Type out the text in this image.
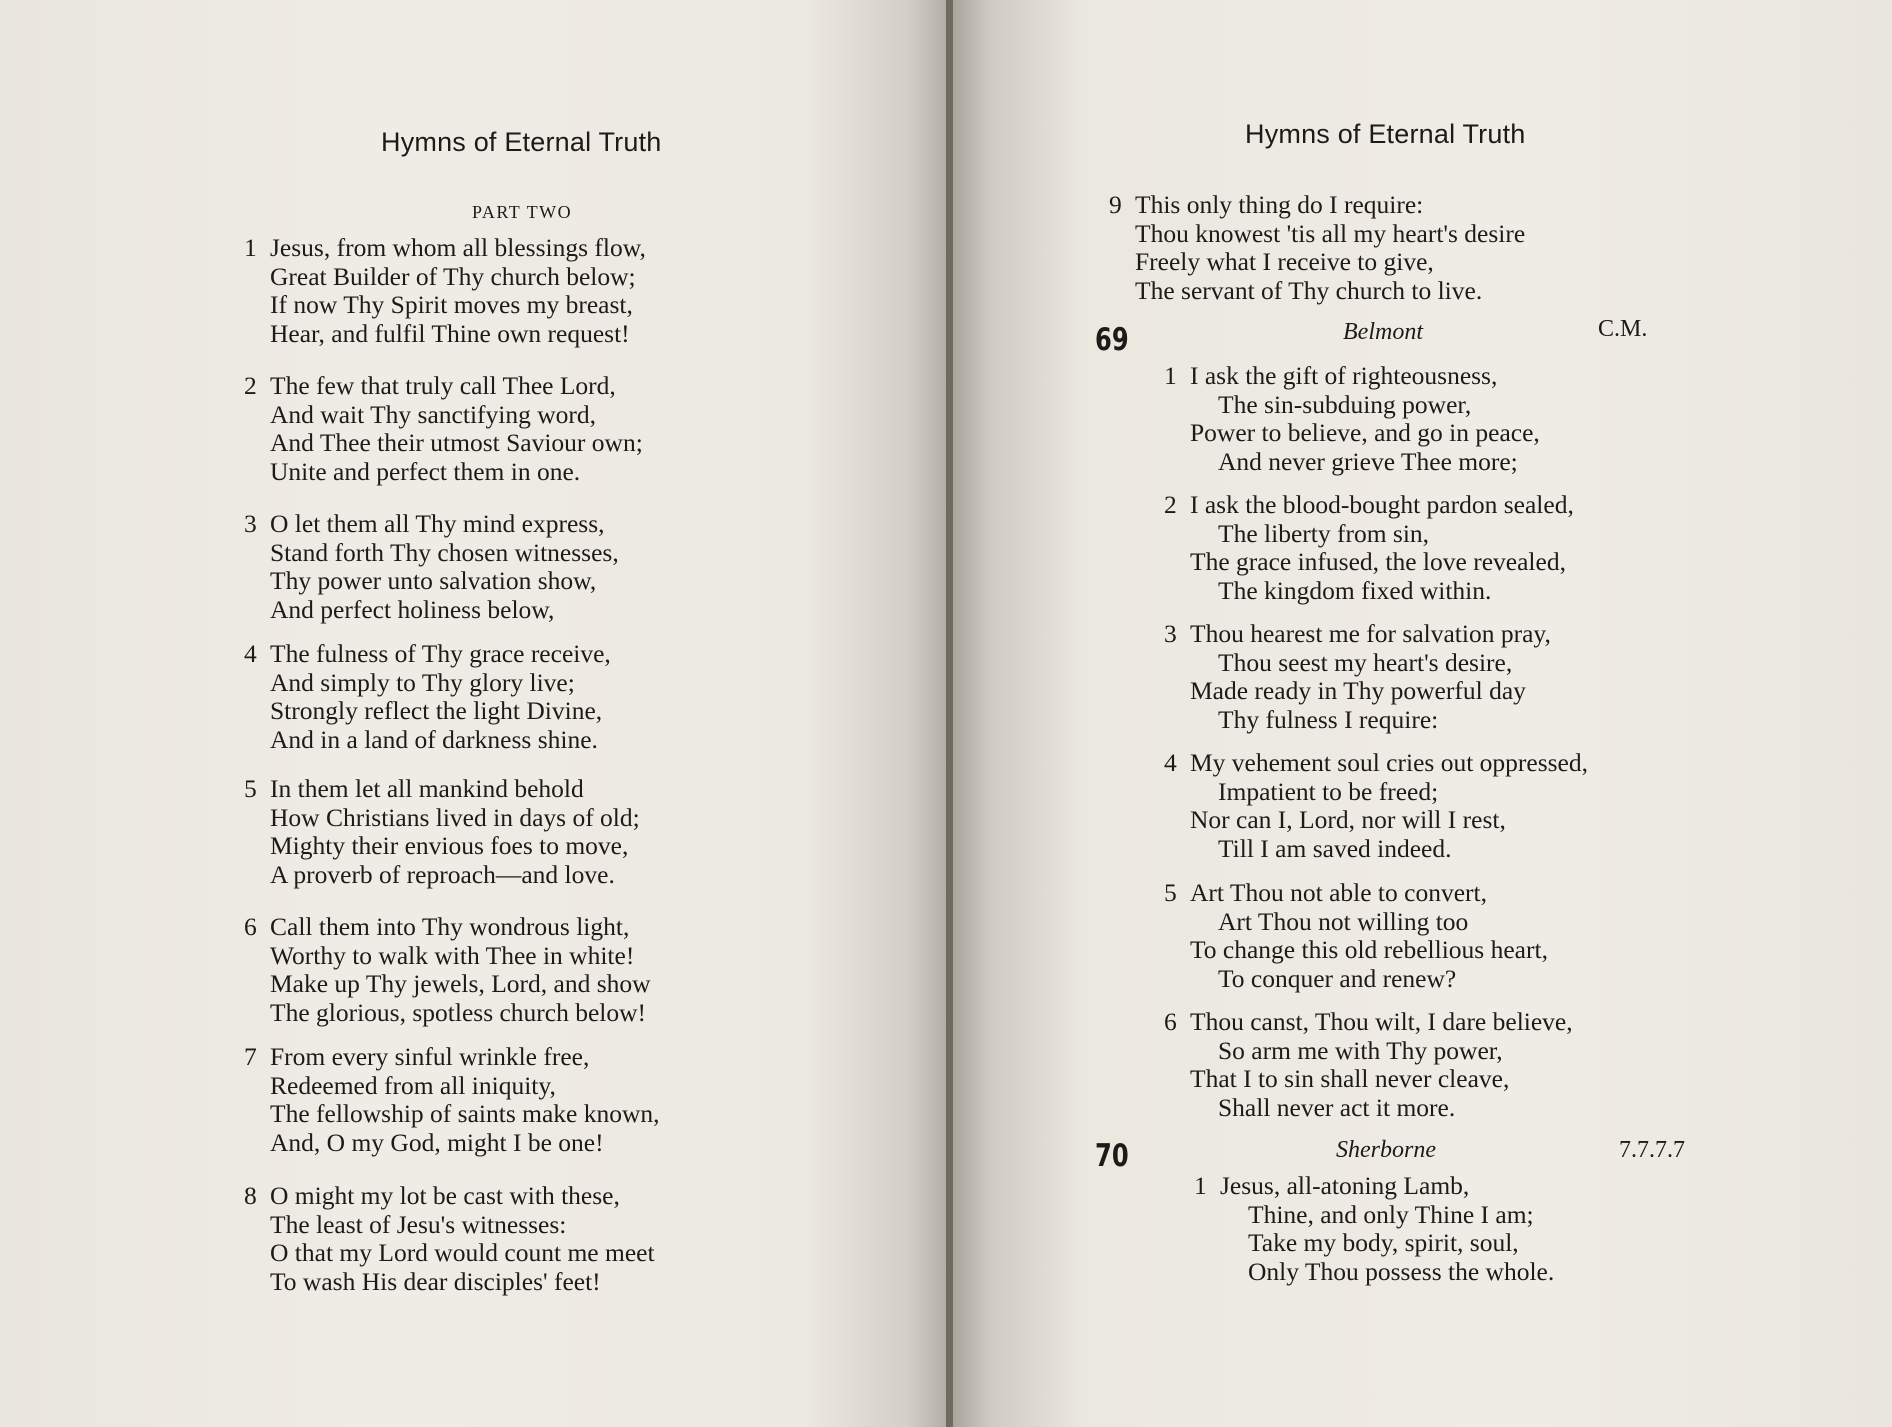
Hymns of Eternal Truth
PART TWO
1 Jesus, from whom all blessings flow,
Great Builder of Thy church below;
If now Thy Spirit moves my breast,
Hear, and fulfil Thine own request!
2 The few that truly call Thee Lord,
And wait Thy sanctifying word,
And Thee their utmost Saviour own;
Unite and perfect them in one.
3 O let them all Thy mind express,
Stand forth Thy chosen witnesses,
Thy power unto salvation show,
And perfect holiness below,
4 The fulness of Thy grace receive,
And simply to Thy glory live;
Strongly reflect the light Divine,
And in a land of darkness shine.
5 In them let all mankind behold
How Christians lived in days of old;
Mighty their envious foes to move,
A proverb of reproach—and love.
6 Call them into Thy wondrous light,
Worthy to walk with Thee in white!
Make up Thy jewels, Lord, and show
The glorious, spotless church below!
7 From every sinful wrinkle free,
Redeemed from all iniquity,
The fellowship of saints make known,
And, O my God, might I be one!
8 O might my lot be cast with these,
The least of Jesu's witnesses:
O that my Lord would count me meet
To wash His dear disciples' feet!
Hymns of Eternal Truth
9 This only thing do I require:
Thou knowest 'tis all my heart's desire
Freely what I receive to give,
The servant of Thy church to live.
69	Belmont	C.M.
1 I ask the gift of righteousness,
The sin-subduing power,
Power to believe, and go in peace,
And never grieve Thee more;
2 I ask the blood-bought pardon sealed,
The liberty from sin,
The grace infused, the love revealed,
The kingdom fixed within.
3 Thou hearest me for salvation pray,
Thou seest my heart's desire,
Made ready in Thy powerful day
Thy fulness I require:
4 My vehement soul cries out oppressed,
Impatient to be freed;
Nor can I, Lord, nor will I rest,
Till I am saved indeed.
5 Art Thou not able to convert,
Art Thou not willing too
To change this old rebellious heart,
To conquer and renew?
6 Thou canst, Thou wilt, I dare believe,
So arm me with Thy power,
That I to sin shall never cleave,
Shall never act it more.
70	Sherborne	7.7.7.7
1 Jesus, all-atoning Lamb,
Thine, and only Thine I am;
Take my body, spirit, soul,
Only Thou possess the whole.
